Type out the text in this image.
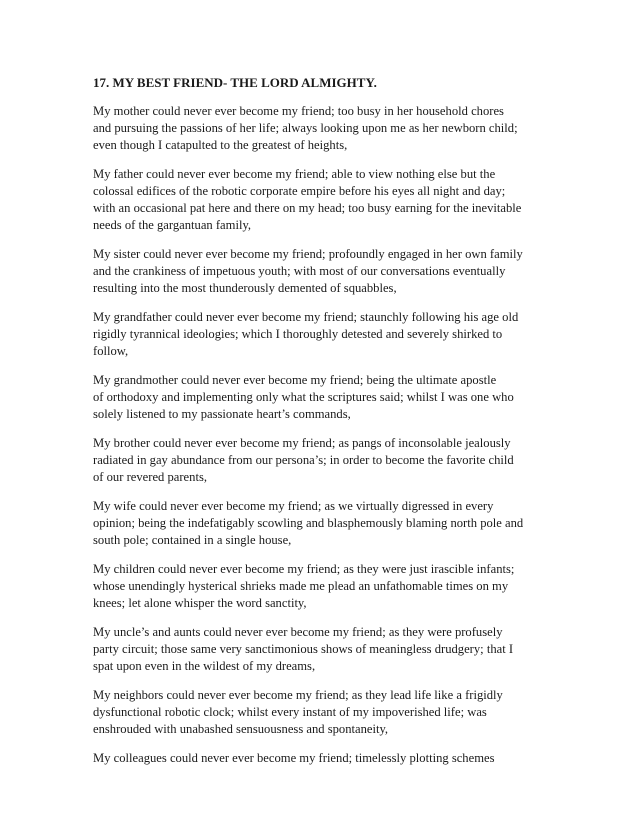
17. MY BEST FRIEND- THE LORD ALMIGHTY.
My mother could never ever become my friend; too busy in her household chores
and pursuing the passions of her life; always looking upon me as her newborn child;
even though I catapulted to the greatest of heights,
My father could never ever become my friend; able to view nothing else but the
colossal edifices of the robotic corporate empire before his eyes all night and day;
with an occasional pat here and there on my head; too busy earning for the inevitable
needs of the gargantuan family,
My sister could never ever become my friend; profoundly engaged in her own family
and the crankiness of impetuous youth; with most of our conversations eventually
resulting into the most thunderously demented of squabbles,
My grandfather could never ever become my friend; staunchly following his age old
rigidly tyrannical ideologies; which I thoroughly detested and severely shirked to
follow,
My grandmother could never ever become my friend; being the ultimate apostle
of orthodoxy and implementing only what the scriptures said; whilst I was one who
solely listened to my passionate heart’s commands,
My brother could never ever become my friend; as pangs of inconsolable jealously
radiated in gay abundance from our persona’s; in order to become the favorite child
of our revered parents,
My wife could never ever become my friend; as we virtually digressed in every
opinion; being the indefatigably scowling and blasphemously blaming north pole and
south pole; contained in a single house,
My children could never ever become my friend; as they were just irascible infants;
whose unendingly hysterical shrieks made me plead an unfathomable times on my
knees; let alone whisper the word sanctity,
My uncle’s and aunts could never ever become my friend; as they were profusely
party circuit; those same very sanctimonious shows of meaningless drudgery; that I
spat upon even in the wildest of my dreams,
My neighbors could never ever become my friend; as they lead life like a frigidly
dysfunctional robotic clock; whilst every instant of my impoverished life; was
enshrouded with unabashed sensuousness and spontaneity,
My colleagues could never ever become my friend; timelessly plotting schemes
